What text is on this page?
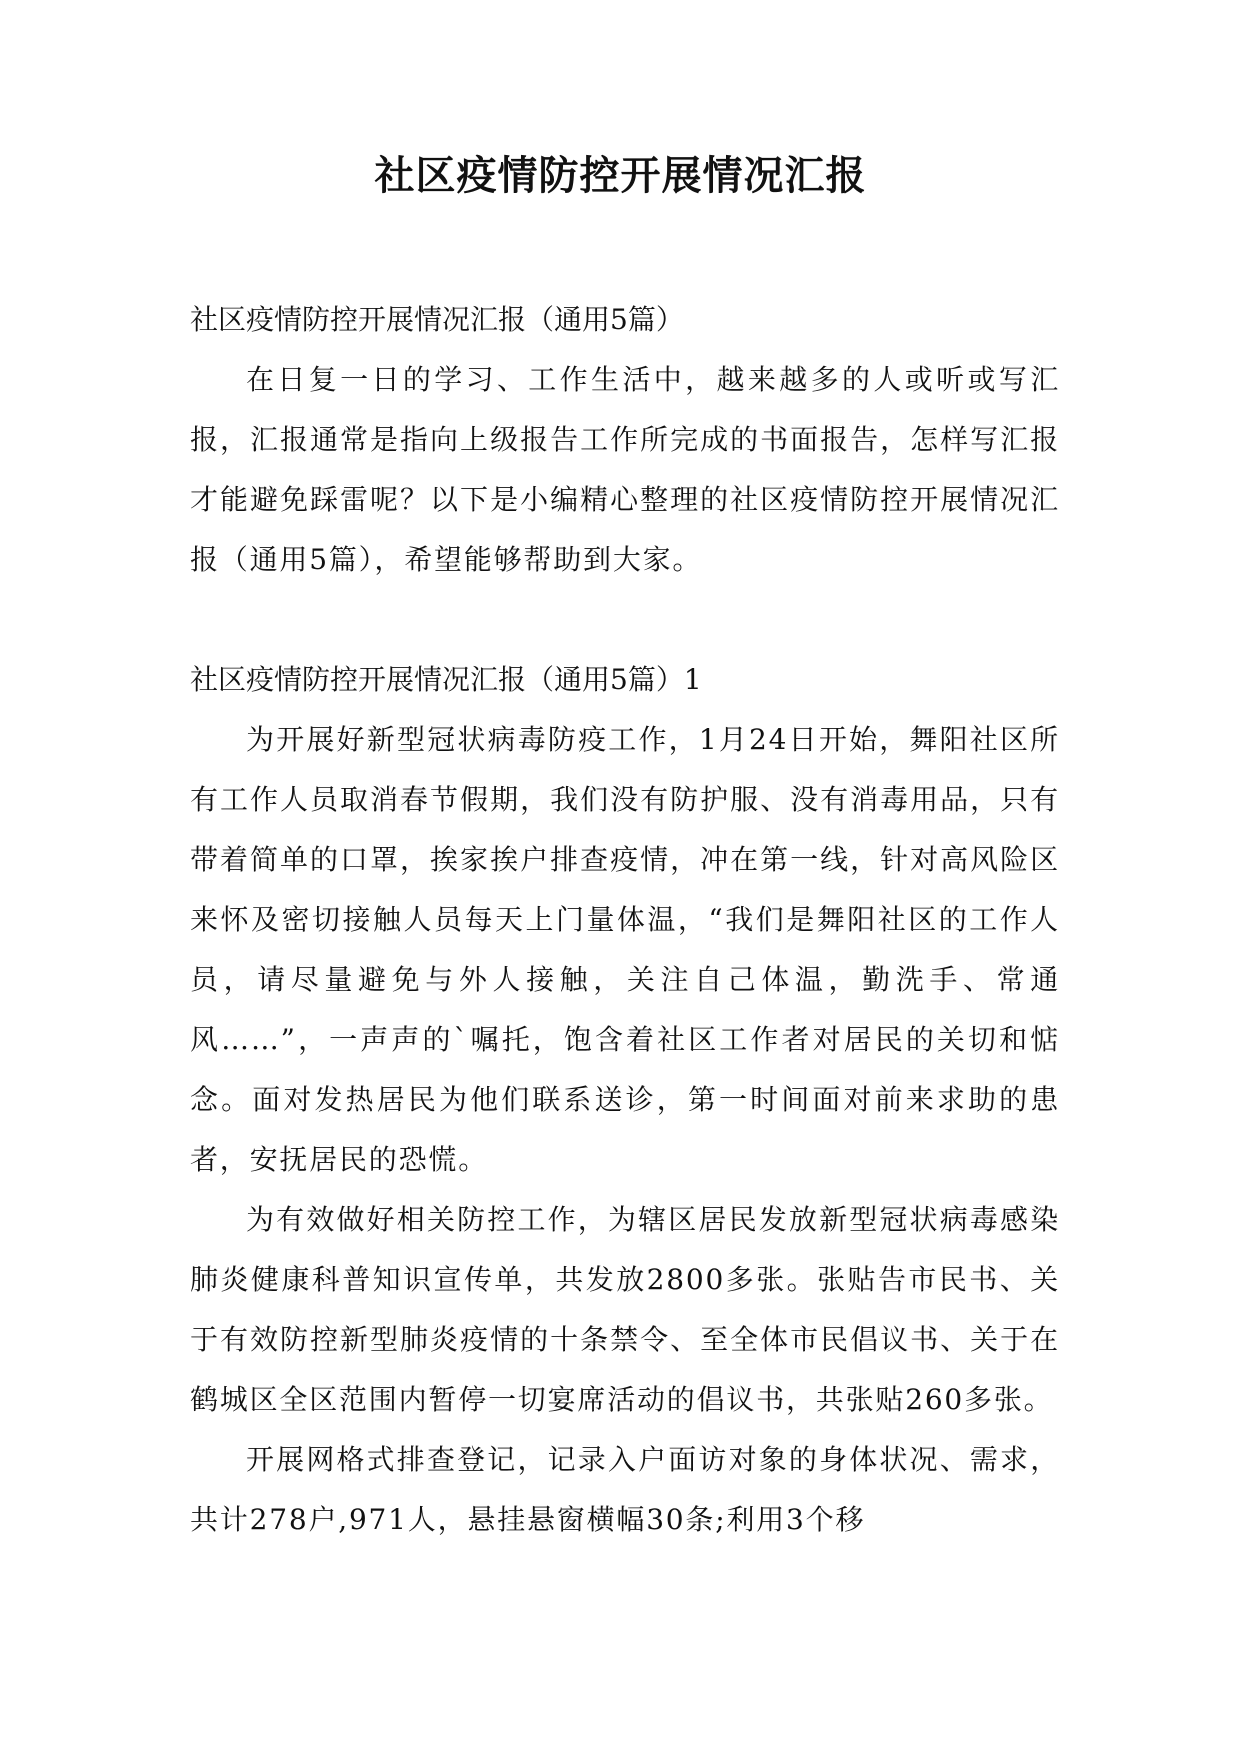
社区疫情防控开展情况汇报

社区疫情防控开展情况汇报（通用5篇）

在日复一日的学习、工作生活中，越来越多的人或听或写汇报，汇报通常是指向上级报告工作所完成的书面报告，怎样写汇报才能避免踩雷呢？以下是小编精心整理的社区疫情防控开展情况汇报（通用5篇），希望能够帮助到大家。

社区疫情防控开展情况汇报（通用5篇）1

为开展好新型冠状病毒防疫工作，1月24日开始，舞阳社区所有工作人员取消春节假期，我们没有防护服、没有消毒用品，只有带着简单的口罩，挨家挨户排查疫情，冲在第一线，针对高风险区来怀及密切接触人员每天上门量体温，“我们是舞阳社区的工作人员，请尽量避免与外人接触，关注自己体温，勤洗手、常通风……”，一声声的`嘱托，饱含着社区工作者对居民的关切和惦念。面对发热居民为他们联系送诊，第一时间面对前来求助的患者，安抚居民的恐慌。

为有效做好相关防控工作，为辖区居民发放新型冠状病毒感染肺炎健康科普知识宣传单，共发放2800多张。张贴告市民书、关于有效防控新型肺炎疫情的十条禁令、至全体市民倡议书、关于在鹤城区全区范围内暂停一切宴席活动的倡议书，共张贴260多张。

开展网格式排查登记，记录入户面访对象的身体状况、需求，共计278户,971人，悬挂悬窗横幅30条;利用3个移
